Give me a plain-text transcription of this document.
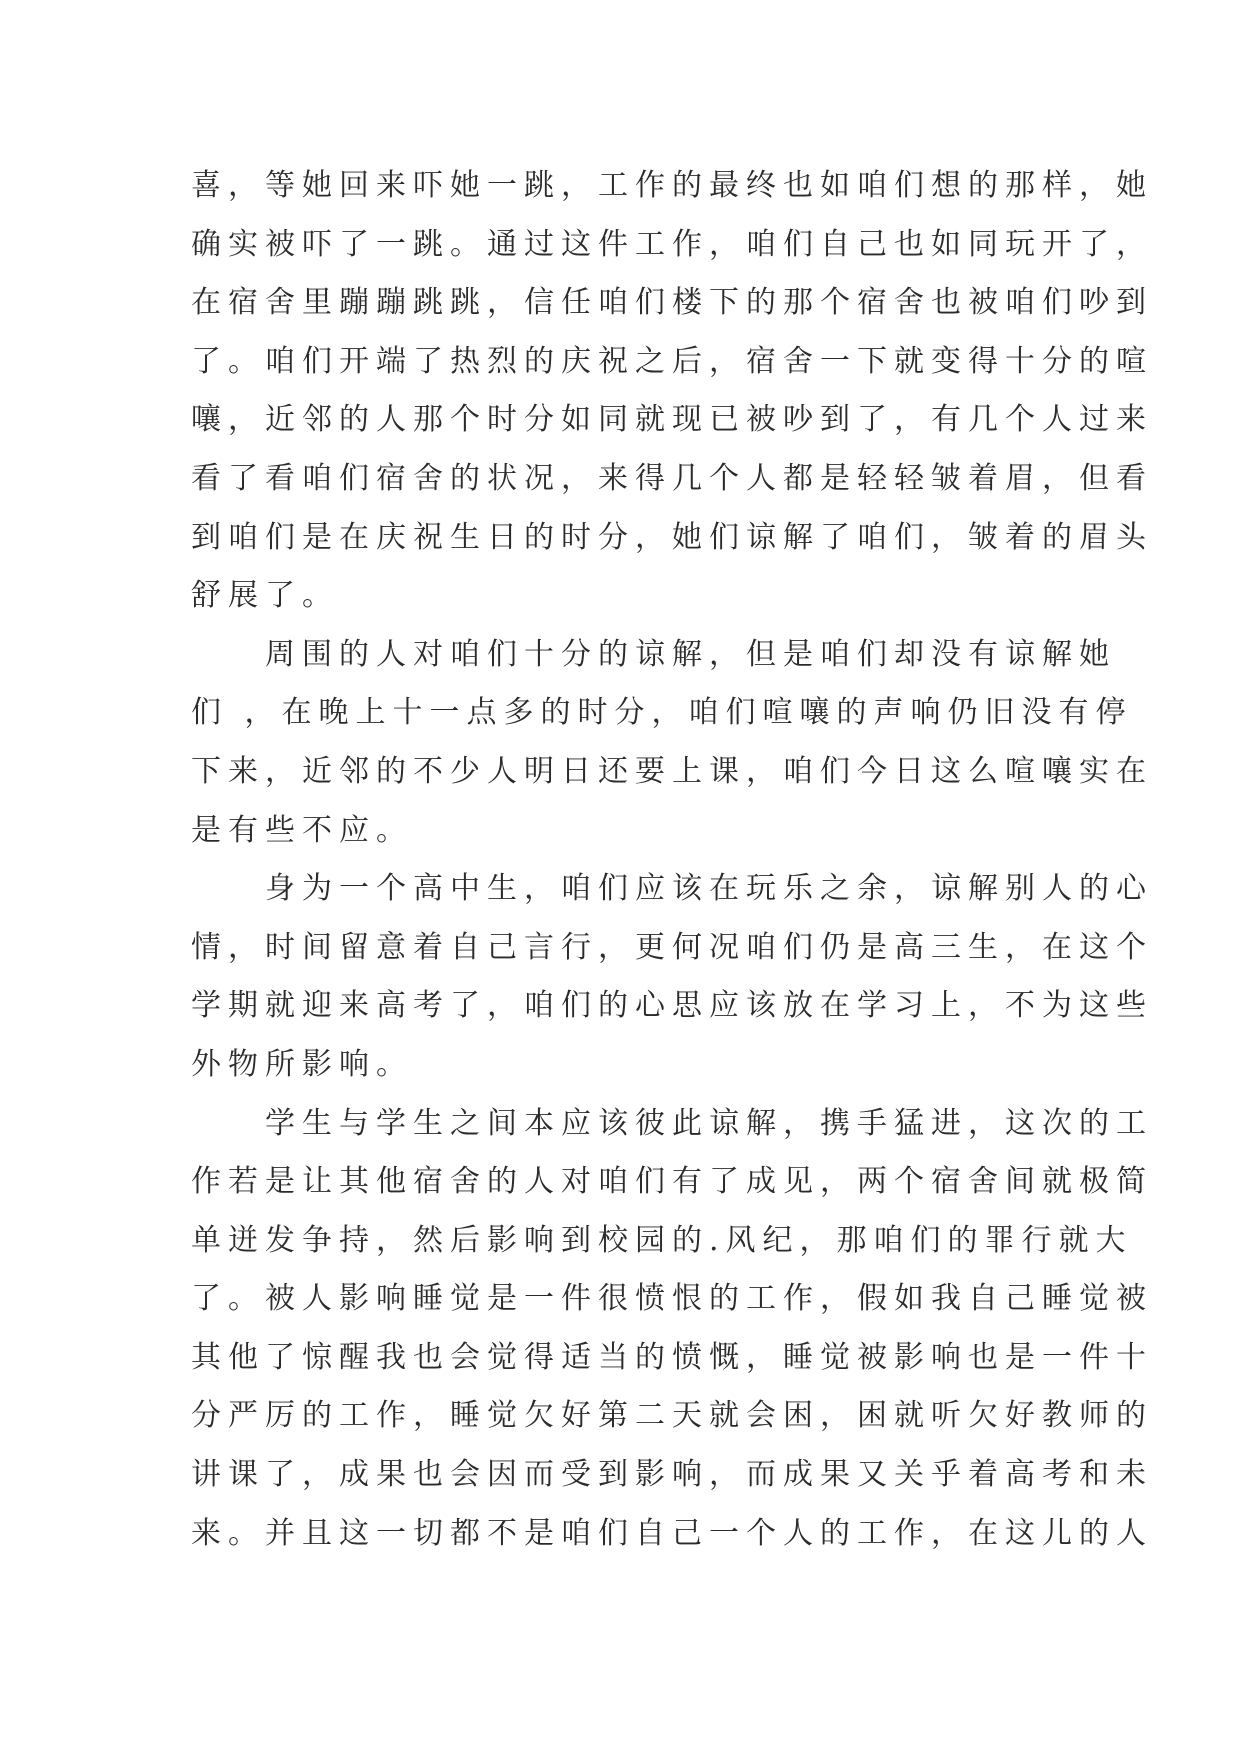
喜，等她回来吓她一跳，工作的最终也如咱们想的那样，她
确实被吓了一跳。通过这件工作，咱们自己也如同玩开了，
在宿舍里蹦蹦跳跳，信任咱们楼下的那个宿舍也被咱们吵到
了。咱们开端了热烈的庆祝之后，宿舍一下就变得十分的喧
嚷，近邻的人那个时分如同就现已被吵到了，有几个人过来
看了看咱们宿舍的状况，来得几个人都是轻轻皱着眉，但看
到咱们是在庆祝生日的时分，她们谅解了咱们，皱着的眉头
舒展了。
周围的人对咱们十分的谅解，但是咱们却没有谅解她
们 ，在晚上十一点多的时分，咱们喧嚷的声响仍旧没有停
下来，近邻的不少人明日还要上课，咱们今日这么喧嚷实在
是有些不应。
身为一个高中生，咱们应该在玩乐之余，谅解别人的心
情，时间留意着自己言行，更何况咱们仍是高三生，在这个
学期就迎来高考了，咱们的心思应该放在学习上，不为这些
外物所影响。
学生与学生之间本应该彼此谅解，携手猛进，这次的工
作若是让其他宿舍的人对咱们有了成见，两个宿舍间就极简
单迸发争持，然后影响到校园的.风纪，那咱们的罪行就大
了。被人影响睡觉是一件很愤恨的工作，假如我自己睡觉被
其他了惊醒我也会觉得适当的愤慨，睡觉被影响也是一件十
分严厉的工作，睡觉欠好第二天就会困，困就听欠好教师的
讲课了，成果也会因而受到影响，而成果又关乎着高考和未
来。并且这一切都不是咱们自己一个人的工作，在这儿的人
